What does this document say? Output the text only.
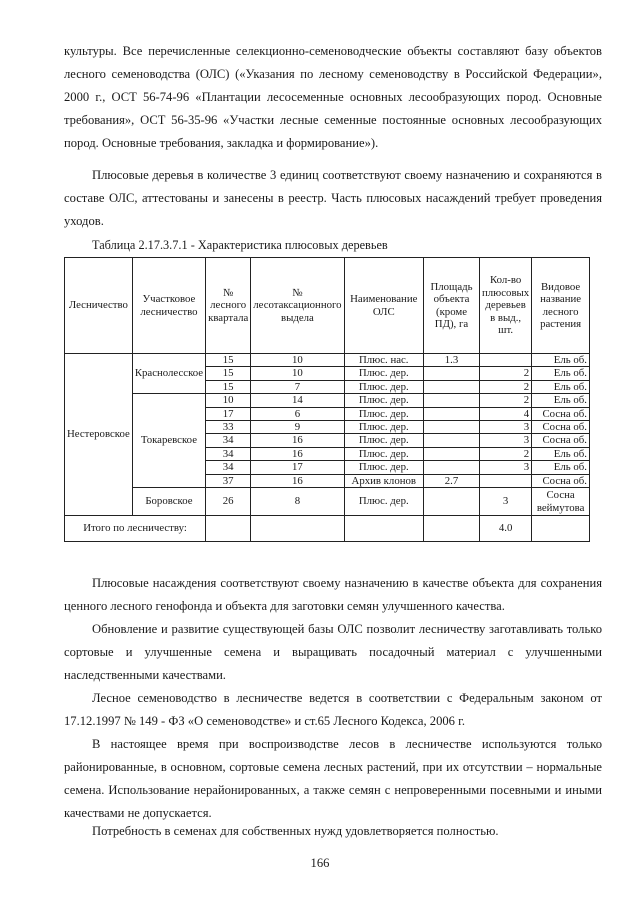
культуры. Все перечисленные селекционно-семеноводческие объекты составляют базу объектов лесного семеноводства (ОЛС) («Указания по лесному семеноводству в Российской Федерации», 2000 г., ОСТ 56-74-96 «Плантации лесосеменные основных лесообразующих пород. Основные требования», ОСТ 56-35-96 «Участки лесные семенные постоянные основных лесообразующих пород. Основные требования, закладка и формирование»).

Плюсовые деревья в количестве 3 единиц соответствуют своему назначению и сохраняются в составе ОЛС, аттестованы и занесены в реестр. Часть плюсовых насаждений требует проведения уходов.

Таблица 2.17.3.7.1 - Характеристика плюсовых деревьев
Лесничество	Участковое лесничество	№ лесного квартала	№ лесотаксационного выдела	Наименование ОЛС	Площадь объекта (кроме ПД), га	Кол-во плюсовых деревьев в выд., шт.	Видовое название лесного растения
Нестеровское	Краснолесское	15	10	Плюс. нас.	1.3		Ель об.
		15	10	Плюс. дер.		2	Ель об.
		15	7	Плюс. дер.		2	Ель об.
	Токаревское	10	14	Плюс. дер.		2	Ель об.
		17	6	Плюс. дер.		4	Сосна об.
		33	9	Плюс. дер.		3	Сосна об.
		34	16	Плюс. дер.		3	Сосна об.
		34	16	Плюс. дер.		2	Ель об.
		34	17	Плюс. дер.		3	Ель об.
		37	16	Архив клонов	2.7		Сосна об.
	Боровское	26	8	Плюс. дер.		3	Сосна веймутова
Итого по лесничеству:						4.0	

Плюсовые насаждения соответствуют своему назначению в качестве объекта для сохранения ценного лесного генофонда и объекта для заготовки семян улучшенного качества.

Обновление и развитие существующей базы ОЛС позволит лесничеству заготавливать только сортовые и улучшенные семена и выращивать посадочный материал с улучшенными наследственными качествами.

Лесное семеноводство в лесничестве ведется в соответствии с Федеральным законом от 17.12.1997 № 149 - ФЗ «О семеноводстве» и ст.65 Лесного Кодекса, 2006 г.

В настоящее время при воспроизводстве лесов в лесничестве используются только районированные, в основном, сортовые семена лесных растений, при их отсутствии – нормальные семена. Использование нерайонированных, а также семян с непроверенными посевными и иными качествами не допускается.

Потребность в семенах для собственных нужд удовлетворяется полностью.

166
